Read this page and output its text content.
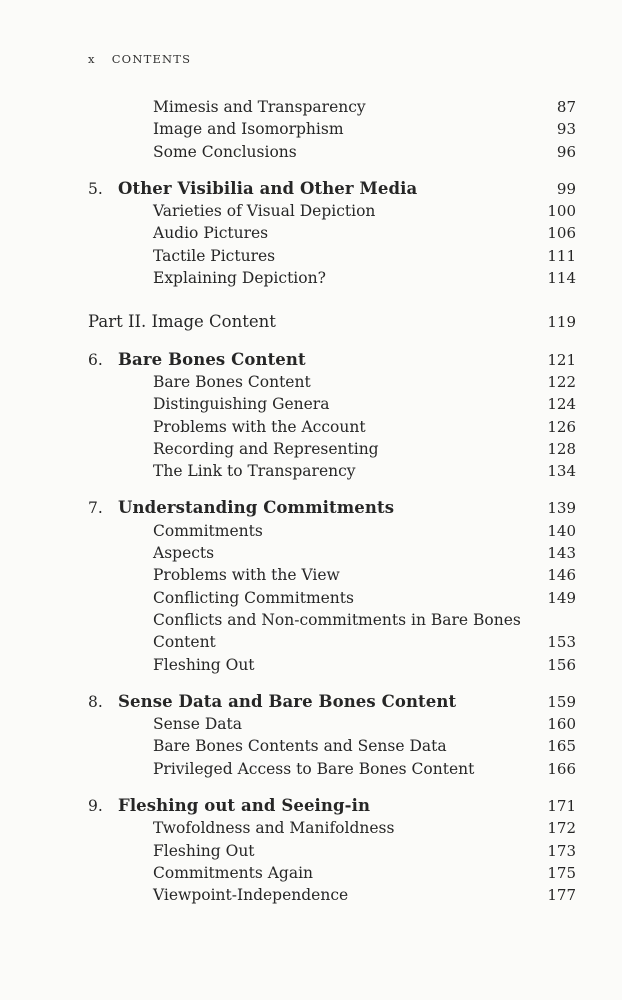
x CONTENTS
Mimesis and Transparency	87
Image and Isomorphism	93
Some Conclusions	96
5. Other Visibilia and Other Media	99
Varieties of Visual Depiction	100
Audio Pictures	106
Tactile Pictures	111
Explaining Depiction?	114
Part II. Image Content	119
6. Bare Bones Content	121
Bare Bones Content	122
Distinguishing Genera	124
Problems with the Account	126
Recording and Representing	128
The Link to Transparency	134
7. Understanding Commitments	139
Commitments	140
Aspects	143
Problems with the View	146
Conflicting Commitments	149
Conflicts and Non-commitments in Bare Bones
Content	153
Fleshing Out	156
8. Sense Data and Bare Bones Content	159
Sense Data	160
Bare Bones Contents and Sense Data	165
Privileged Access to Bare Bones Content	166
9. Fleshing out and Seeing-in	171
Twofoldness and Manifoldness	172
Fleshing Out	173
Commitments Again	175
Viewpoint-Independence	177
